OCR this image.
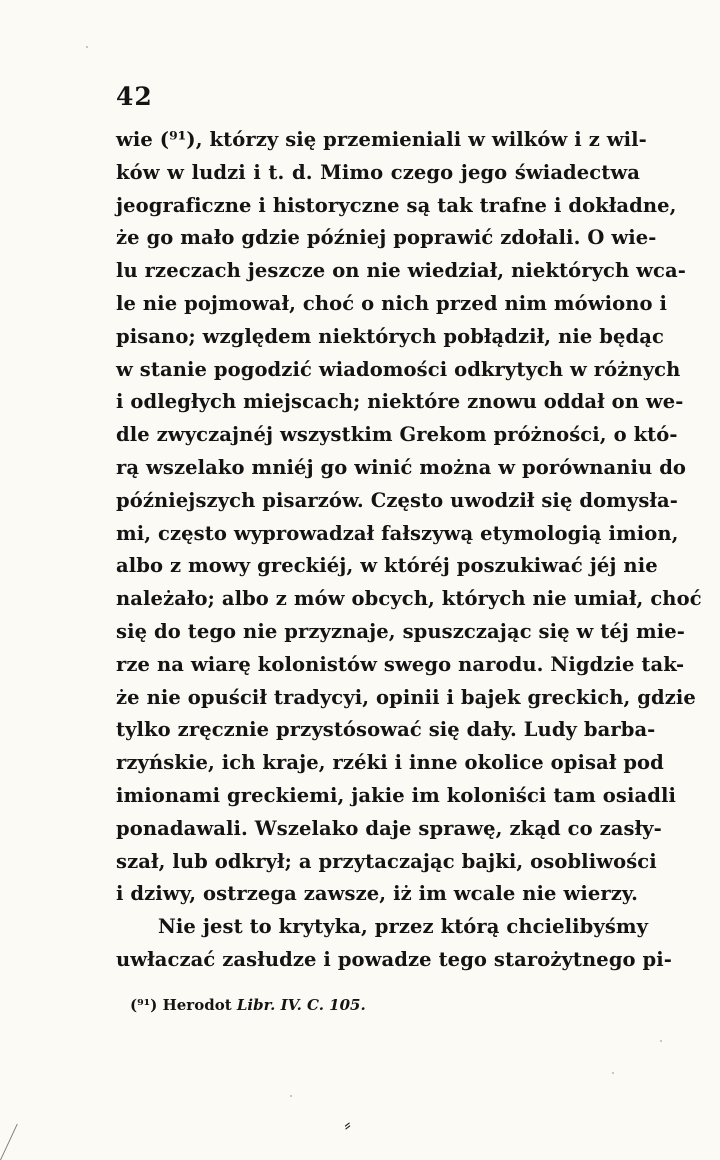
42
wie (⁹¹), którzy się przemieniali w wilków i z wil-
ków w ludzi i t. d. Mimo czego jego świadectwa
jeograficzne i historyczne są tak trafne i dokładne,
że go mało gdzie później poprawić zdołali. O wie-
lu rzeczach jeszcze on nie wiedział, niektórych wca-
le nie pojmował, choć o nich przed nim mówiono i
pisano; względem niektórych pobłądził, nie będąc
w stanie pogodzić wiadomości odkrytych w różnych
i odległych miejscach; niektóre znowu oddał on we-
dle zwyczajnéj wszystkim Grekom próżności, o któ-
rą wszelako mniéj go winić można w porównaniu do
późniejszych pisarzów. Często uwodził się domysła-
mi, często wyprowadzał fałszywą etymologią imion,
albo z mowy greckiéj, w któréj poszukiwać jéj nie
należało; albo z mów obcych, których nie umiał, choć
się do tego nie przyznaje, spuszczając się w téj mie-
rze na wiarę kolonistów swego narodu. Nigdzie tak-
że nie opuścił tradycyi, opinii i bajek greckich, gdzie
tylko zręcznie przystósować się dały. Ludy barba-
rzyńskie, ich kraje, rzéki i inne okolice opisał pod
imionami greckiemi, jakie im koloniści tam osiadli
ponadawali. Wszelako daje sprawę, zkąd co zasły-
szał, lub odkrył; a przytaczając bajki, osobliwości
i dziwy, ostrzega zawsze, iż im wcale nie wierzy.
Nie jest to krytyka, przez którą chcielibyśmy
uwłaczać zasłudze i powadze tego starożytnego pi-
(⁹¹) Herodot Libr. IV. C. 105.
⸗
